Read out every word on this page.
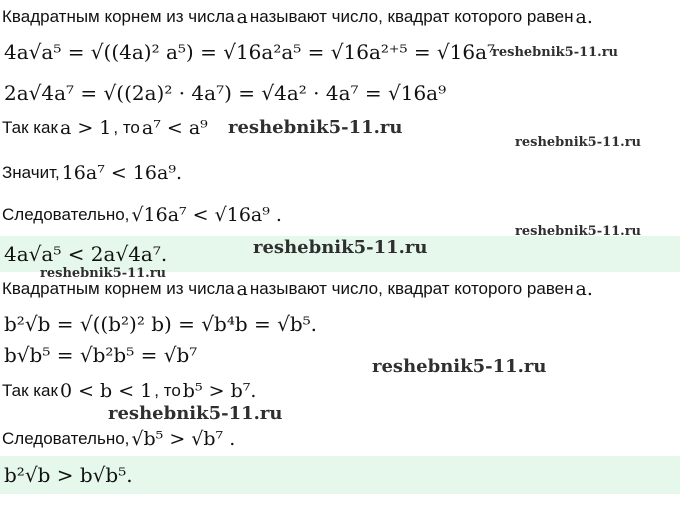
Квадратным корнем из числа a называют число, квадрат которого равен a.
4a√a⁵ = √((4a)² a⁵) = √16a²a⁵ = √16a²⁺⁵ = √16a⁷
2a√4a⁷ = √((2a)² · 4a⁷) = √4a² · 4a⁷ = √16a⁹
Так как a > 1 , то a⁷ < a⁹
Значит, 16a⁷ < 16a⁹.
Следовательно, √16a⁷ < √16a⁹ .
4a√a⁵ < 2a√4a⁷.
Квадратным корнем из числа a называют число, квадрат которого равен a.
b²√b = √((b²)² b) = √b⁴b = √b⁵.
b√b⁵ = √b²b⁵ = √b⁷
Так как 0 < b < 1 , то b⁵ > b⁷.
Следовательно, √b⁵ > √b⁷ .
b²√b > b√b⁵.
reshebnik5-11.ru
reshebnik5-11.ru
reshebnik5-11.ru
reshebnik5-11.ru
reshebnik5-11.ru
reshebnik5-11.ru
reshebnik5-11.ru
reshebnik5-11.ru
